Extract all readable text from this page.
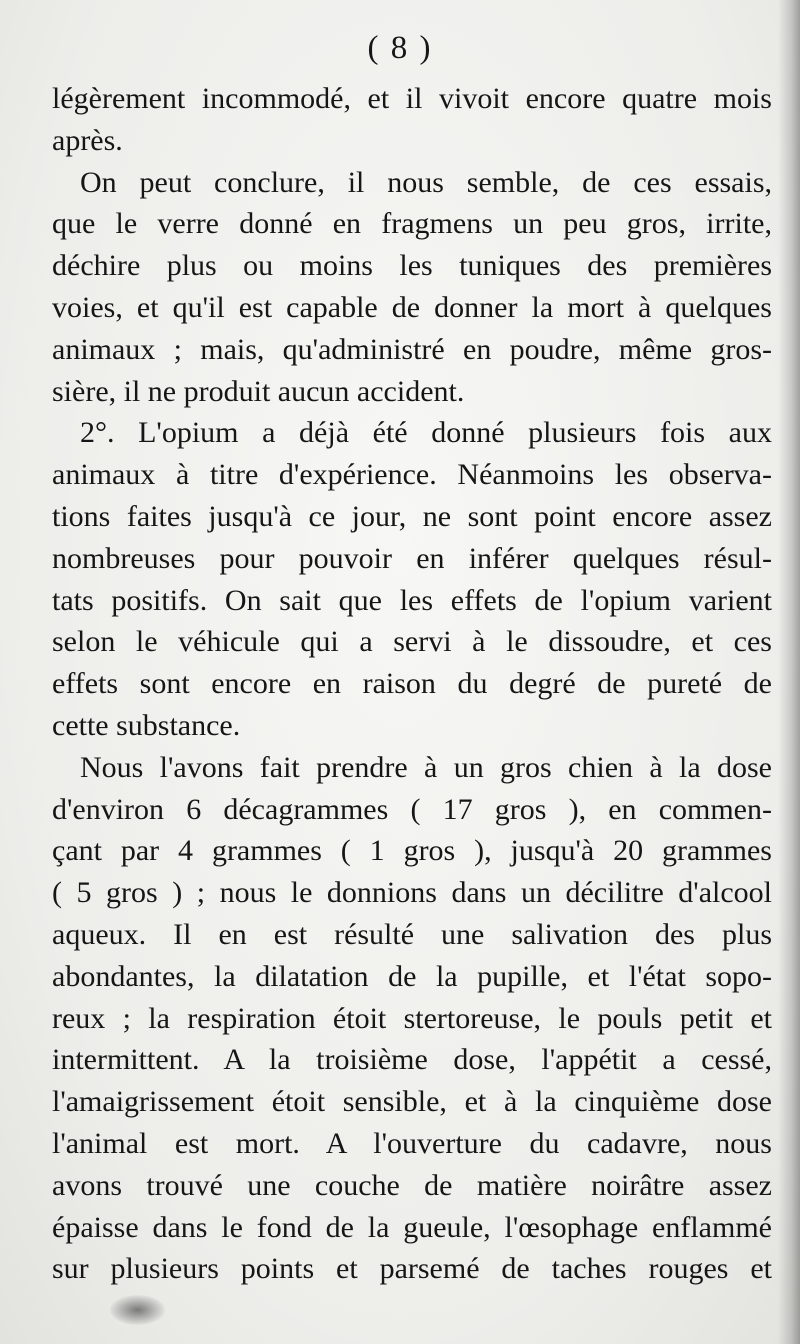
( 8 )
légèrement incommodé, et il vivoit encore quatre mois
après.
On peut conclure, il nous semble, de ces essais,
que le verre donné en fragmens un peu gros, irrite,
déchire plus ou moins les tuniques des premières
voies, et qu'il est capable de donner la mort à quelques
animaux ; mais, qu'administré en poudre, même gros-
sière, il ne produit aucun accident.
2°. L'opium a déjà été donné plusieurs fois aux
animaux à titre d'expérience. Néanmoins les observa-
tions faites jusqu'à ce jour, ne sont point encore assez
nombreuses pour pouvoir en inférer quelques résul-
tats positifs. On sait que les effets de l'opium varient
selon le véhicule qui a servi à le dissoudre, et ces
effets sont encore en raison du degré de pureté de
cette substance.
Nous l'avons fait prendre à un gros chien à la dose
d'environ 6 décagrammes ( 17 gros ), en commen-
çant par 4 grammes ( 1 gros ), jusqu'à 20 grammes
( 5 gros ) ; nous le donnions dans un décilitre d'alcool
aqueux. Il en est résulté une salivation des plus
abondantes, la dilatation de la pupille, et l'état sopo-
reux ; la respiration étoit stertoreuse, le pouls petit et
intermittent. A la troisième dose, l'appétit a cessé,
l'amaigrissement étoit sensible, et à la cinquième dose
l'animal est mort. A l'ouverture du cadavre, nous
avons trouvé une couche de matière noirâtre assez
épaisse dans le fond de la gueule, l'œsophage enflammé
sur plusieurs points et parsemé de taches rouges et
